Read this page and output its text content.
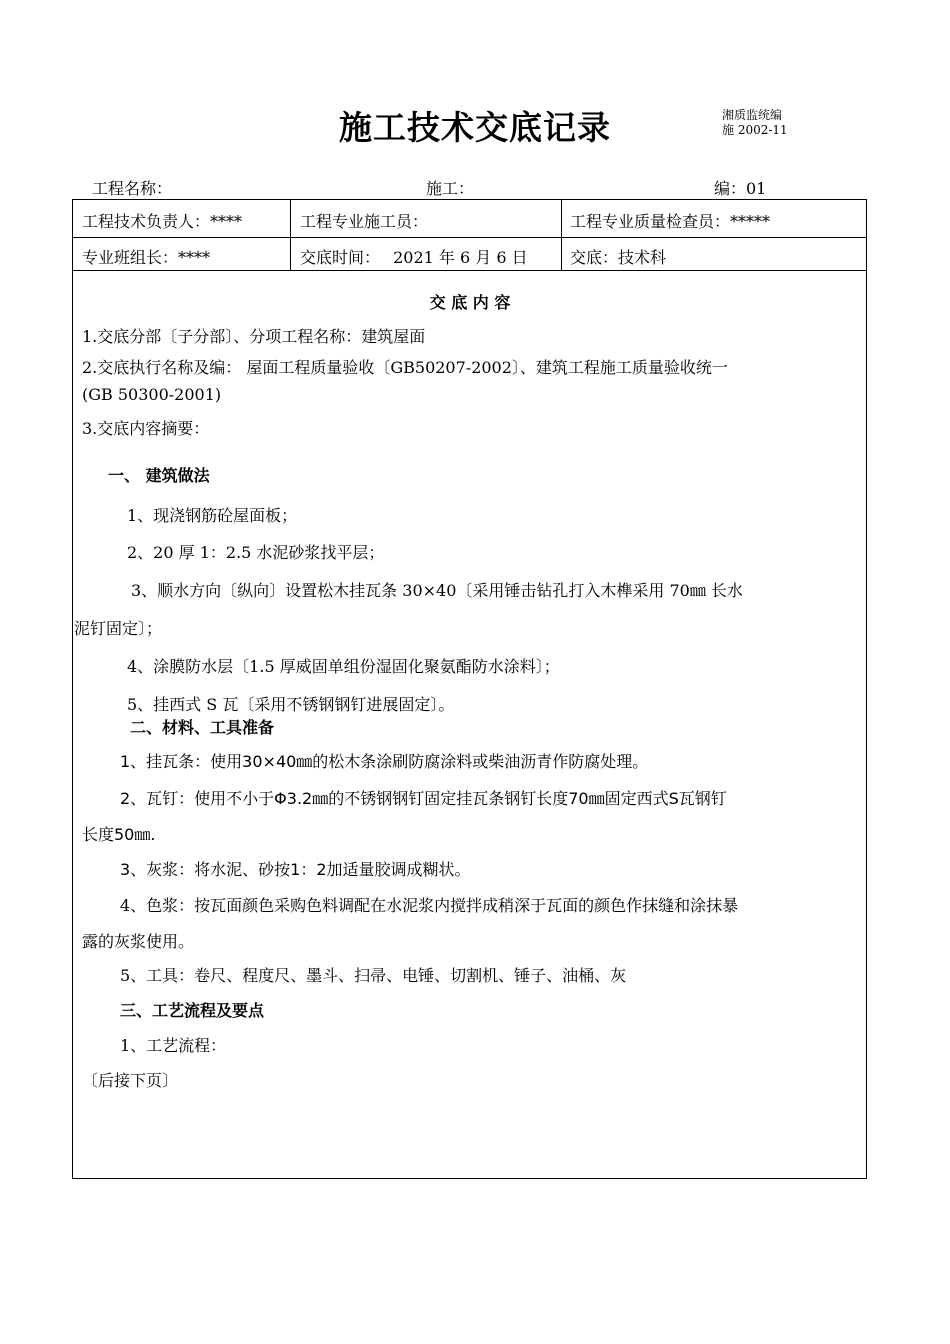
施工技术交底记录	湘质监统编
施 2002-11
工程名称：	施工：	编：01
工程技术负责人：****	工程专业施工员：	工程专业质量检查员：*****
专业班组长：****	交底时间：　 2021 年 6 月 6 日	交底：技术科
交 底 内 容
1.交底分部〔子分部〕、分项工程名称：建筑屋面
2.交底执行名称及编： 屋面工程质量验收〔GB50207-2002〕、建筑工程施工质量验收统一
(GB 50300-2001)
3.交底内容摘要：
一、 建筑做法
1、现浇钢筋砼屋面板；
2、20 厚 1：2.5 水泥砂浆找平层；
3、顺水方向〔纵向〕设置松木挂瓦条 30×40〔采用锤击钻孔打入木榫采用 70㎜ 长水
泥钉固定〕；
4、涂膜防水层〔1.5 厚威固单组份湿固化聚氨酯防水涂料〕；
5、挂西式 S 瓦〔采用不锈钢钢钉进展固定〕。
二、材料、工具准备
1、挂瓦条：使用30×40㎜的松木条涂刷防腐涂料或柴油沥青作防腐处理。
2、瓦钉：使用不小于Φ3.2㎜的不锈钢钢钉固定挂瓦条钢钉长度70㎜固定西式S瓦钢钉
长度50㎜.
3、灰浆：将水泥、砂按1：2加适量胶调成糊状。
4、色浆：按瓦面颜色采购色料调配在水泥浆内搅拌成稍深于瓦面的颜色作抹缝和涂抹暴
露的灰浆使用。
5、工具：卷尺、程度尺、墨斗、扫帚、电锤、切割机、锤子、油桶、灰
三、工艺流程及要点
1、工艺流程：
〔后接下页〕
